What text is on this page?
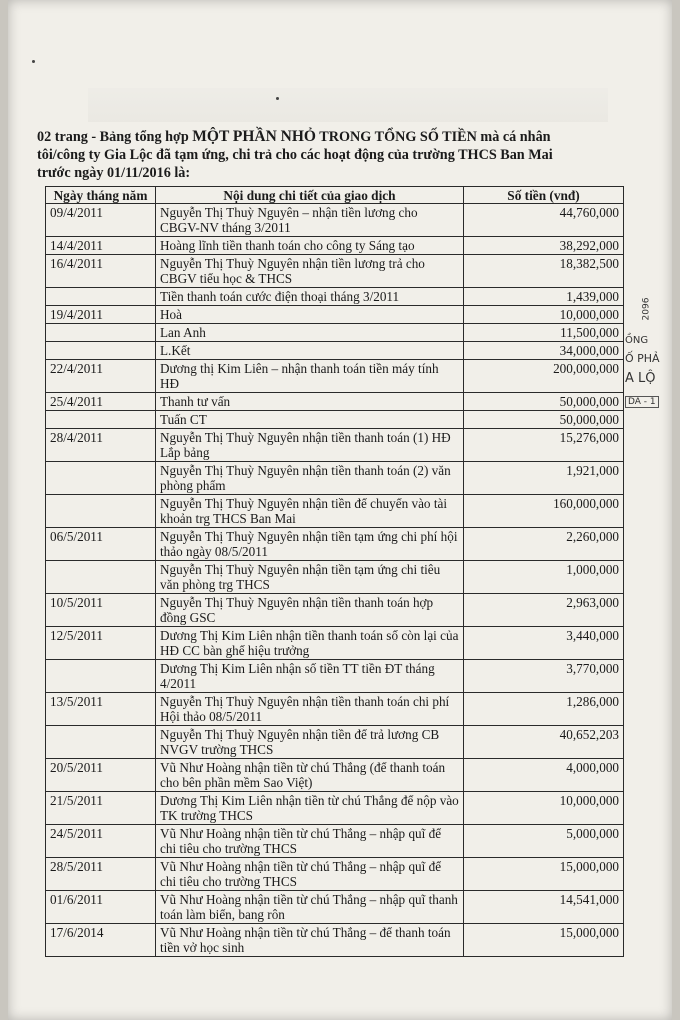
02 trang - Bảng tổng hợp MỘT PHẦN NHỎ TRONG TỔNG SỐ TIỀN mà cá nhân
tôi/công ty Gia Lộc đã tạm ứng, chi trả cho các hoạt động của trường THCS Ban Mai
trước ngày 01/11/2016 là:
Ngày tháng năm	Nội dung chi tiết của giao dịch	Số tiền (vnđ)
09/4/2011	Nguyễn Thị Thuỳ Nguyên – nhận tiền lương cho CBGV-NV tháng 3/2011	44,760,000
14/4/2011	Hoàng lĩnh tiền thanh toán cho công ty Sáng tạo	38,292,000
16/4/2011	Nguyễn Thị Thuỳ Nguyên nhận tiền lương trả cho CBGV tiểu học & THCS	18,382,500
	Tiền thanh toán cước điện thoại tháng 3/2011	1,439,000
19/4/2011	Hoà	10,000,000
	Lan Anh	11,500,000
	L.Kết	34,000,000
22/4/2011	Dương thị Kim Liên – nhận thanh toán tiền máy tính HĐ	200,000,000
25/4/2011	Thanh tư vấn	50,000,000
	Tuấn CT	50,000,000
28/4/2011	Nguyễn Thị Thuỳ Nguyên nhận tiền thanh toán (1) HĐ Lắp bảng	15,276,000
	Nguyễn Thị Thuỳ Nguyên nhận tiền thanh toán (2) văn phòng phẩm	1,921,000
	Nguyễn Thị Thuỳ Nguyên nhận tiền để chuyển vào tài khoản trg THCS Ban Mai	160,000,000
06/5/2011	Nguyễn Thị Thuỳ Nguyên nhận tiền tạm ứng chi phí hội thảo ngày 08/5/2011	2,260,000
	Nguyễn Thị Thuỳ Nguyên nhận tiền tạm ứng chi tiêu văn phòng trg THCS	1,000,000
10/5/2011	Nguyễn Thị Thuỳ Nguyên nhận tiền thanh toán hợp đồng GSC	2,963,000
12/5/2011	Dương Thị Kim Liên nhận tiền thanh toán số còn lại của HĐ CC bàn ghế hiệu trưởng	3,440,000
	Dương Thị Kim Liên nhận số tiền TT tiền ĐT tháng 4/2011	3,770,000
13/5/2011	Nguyễn Thị Thuỳ Nguyên nhận tiền thanh toán chi phí Hội thảo 08/5/2011	1,286,000
	Nguyễn Thị Thuỳ Nguyên nhận tiền để trả lương CB NVGV trường THCS	40,652,203
20/5/2011	Vũ Như Hoàng nhận tiền từ chú Thắng (để thanh toán cho bên phần mềm Sao Việt)	4,000,000
21/5/2011	Dương Thị Kim Liên nhận tiền từ chú Thắng để nộp vào TK trường THCS	10,000,000
24/5/2011	Vũ Như Hoàng nhận tiền từ chú Thắng – nhập quĩ để chi tiêu cho trường THCS	5,000,000
28/5/2011	Vũ Như Hoàng nhận tiền từ chú Thắng – nhập quĩ để chi tiêu cho trường THCS	15,000,000
01/6/2011	Vũ Như Hoàng nhận tiền từ chú Thắng – nhập quĩ thanh toán làm biển, bang rôn	14,541,000
17/6/2014	Vũ Như Hoàng nhận tiền từ chú Thắng – để thanh toán tiền vở học sinh	15,000,000
2096
ỒNG
Ố PHẢ
A LỘ
DA - 1
